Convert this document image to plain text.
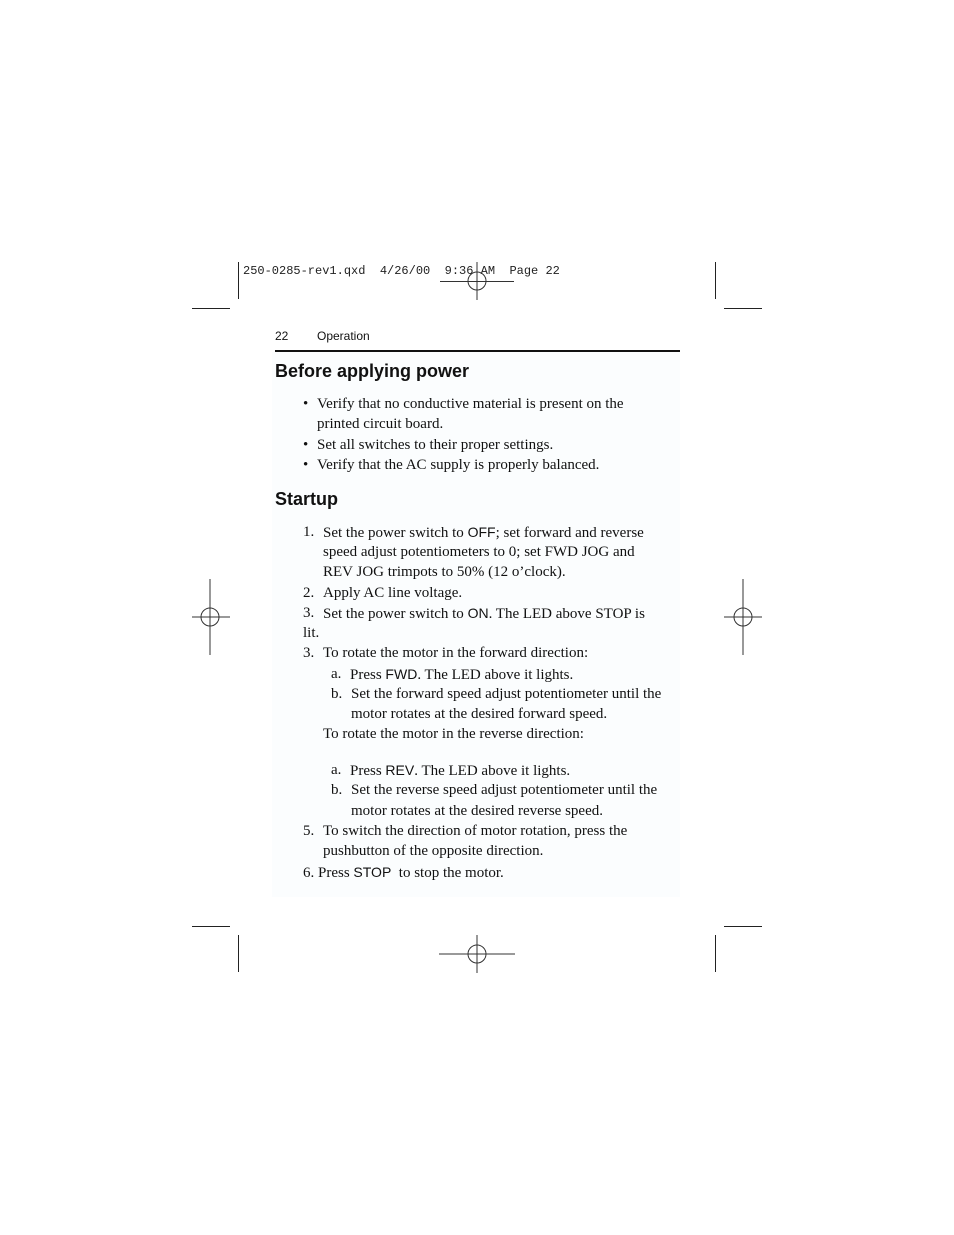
250-0285-rev1.qxd  4/26/00  9:36 AM  Page 22
22 Operation
Before applying power
• Verify that no conductive material is present on the
printed circuit board.
• Set all switches to their proper settings.
• Verify that the AC supply is properly balanced.
Startup
1. Set the power switch to OFF; set forward and reverse
speed adjust potentiometers to 0; set FWD JOG and
REV JOG trimpots to 50% (12 o’clock).
2. Apply AC line voltage.
3. Set the power switch to ON. The LED above STOP is
lit.
3. To rotate the motor in the forward direction:
a. Press FWD. The LED above it lights.
b. Set the forward speed adjust potentiometer until the
motor rotates at the desired forward speed.
To rotate the motor in the reverse direction:
a. Press REV. The LED above it lights.
b. Set the reverse speed adjust potentiometer until the
motor rotates at the desired reverse speed.
5. To switch the direction of motor rotation, press the
pushbutton of the opposite direction.
6. Press STOP  to stop the motor.
